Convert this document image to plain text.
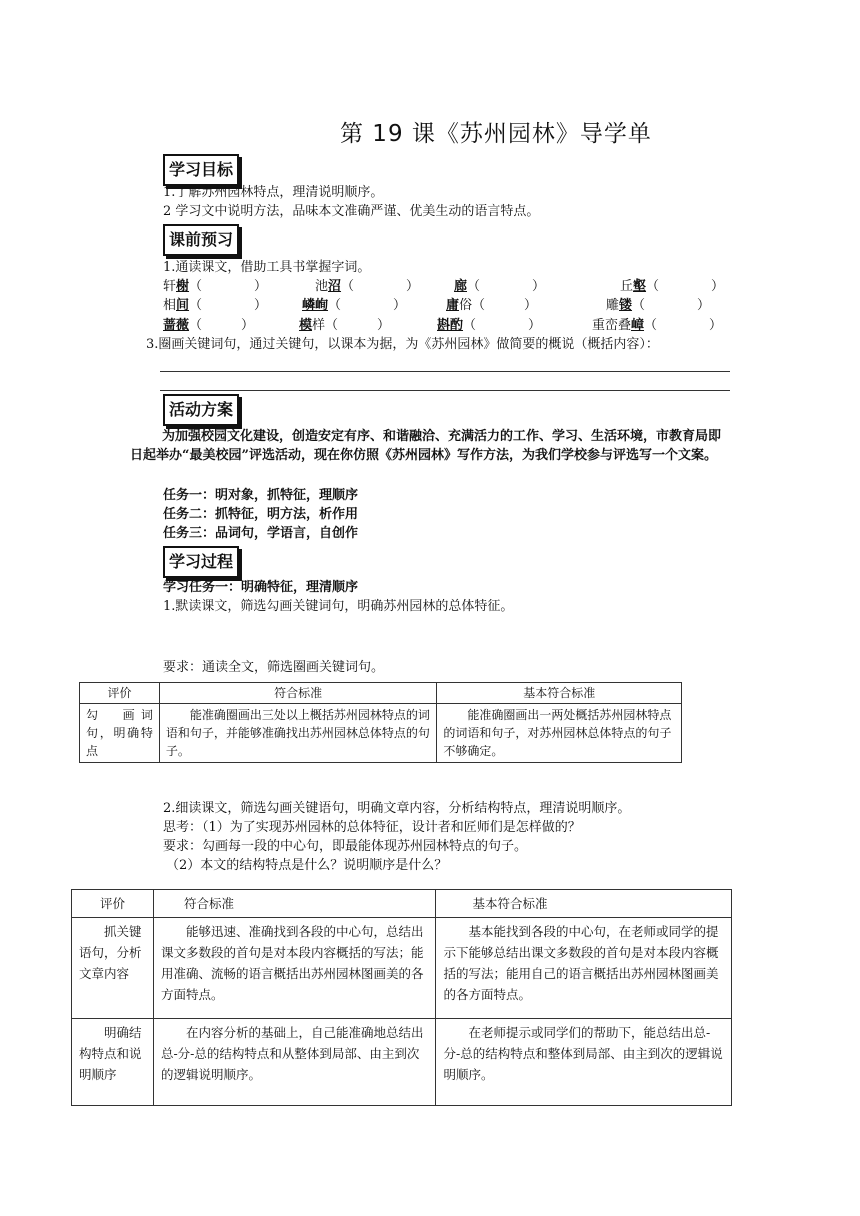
第 19 课《苏州园林》导学单
学习目标
1.了解苏州园林特点，理清说明顺序。
2 学习文中说明方法，品味本文准确严谨、优美生动的语言特点。
课前预习
1.通读课文，借助工具书掌握字词。
轩榭（　　　　）	池沼（　　　　）	廊（　　　　）	丘壑（　　　　）
相间（　　　　）	嶙峋（　　　　）	庸俗（　　　）	雕镂（　　　　）
蔷薇（　　　）	模样（　　　）	斟酌（　　　　）	重峦叠嶂（　　　　）
3.圈画关键词句，通过关键句，以课本为据，为《苏州园林》做简要的概说（概括内容）：
活动方案
为加强校园文化建设，创造安定有序、和谐融洽、充满活力的工作、学习、生活环境，市教育局即日起举办“最美校园”评选活动，现在你仿照《苏州园林》写作方法，为我们学校参与评选写一个文案。
任务一：明对象，抓特征，理顺序
任务二：抓特征，明方法，析作用
任务三：品词句，学语言，自创作
学习过程
学习任务一：明确特征，理清顺序
1.默读课文，筛选勾画关键词句，明确苏州园林的总体特征。
要求：通读全文，筛选圈画关键词句。
评价	符合标准	基本符合标准
勾　画词句，明确特点	能准确圈画出三处以上概括苏州园林特点的词语和句子，并能够准确找出苏州园林总体特点的句子。	能准确圈画出一两处概括苏州园林特点的词语和句子，对苏州园林总体特点的句子不够确定。
2.细读课文，筛选勾画关键语句，明确文章内容，分析结构特点，理清说明顺序。
思考：（1）为了实现苏州园林的总体特征，设计者和匠师们是怎样做的？
要求：勾画每一段的中心句，即最能体现苏州园林特点的句子。
（2）本文的结构特点是什么？说明顺序是什么？
评价	符合标准	基本符合标准
抓关键语句，分析文章内容	能够迅速、准确找到各段的中心句，总结出课文多数段的首句是对本段内容概括的写法；能用准确、流畅的语言概括出苏州园林图画美的各方面特点。	基本能找到各段的中心句，在老师或同学的提示下能够总结出课文多数段的首句是对本段内容概括的写法；能用自己的语言概括出苏州园林图画美的各方面特点。
明确结构特点和说明顺序	在内容分析的基础上，自己能准确地总结出总-分-总的结构特点和从整体到局部、由主到次的逻辑说明顺序。	在老师提示或同学们的帮助下，能总结出总-分-总的结构特点和整体到局部、由主到次的逻辑说明顺序。
